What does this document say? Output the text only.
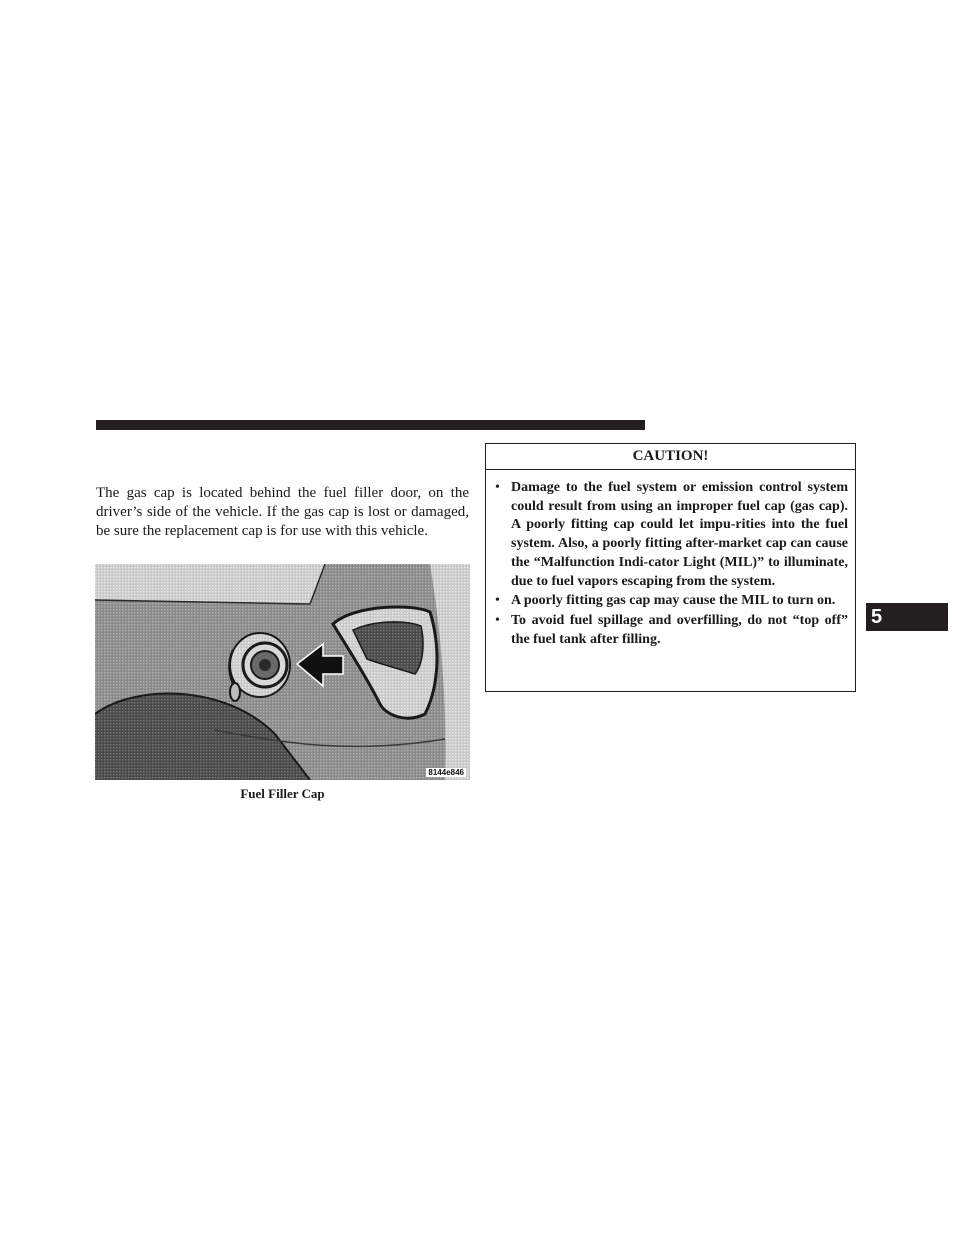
The gas cap is located behind the fuel filler door, on the driver’s side of the vehicle. If the gas cap is lost or damaged, be sure the replacement cap is for use with this vehicle.

8144e846
Fuel Filler Cap
CAUTION!
• Damage to the fuel system or emission control system could result from using an improper fuel cap (gas cap). A poorly fitting cap could let impu-rities into the fuel system. Also, a poorly fitting after-market cap can cause the “Malfunction Indi-cator Light (MIL)” to illuminate, due to fuel vapors escaping from the system.
• A poorly fitting gas cap may cause the MIL to turn on.
• To avoid fuel spillage and overfilling, do not “top off” the fuel tank after filling.
5
